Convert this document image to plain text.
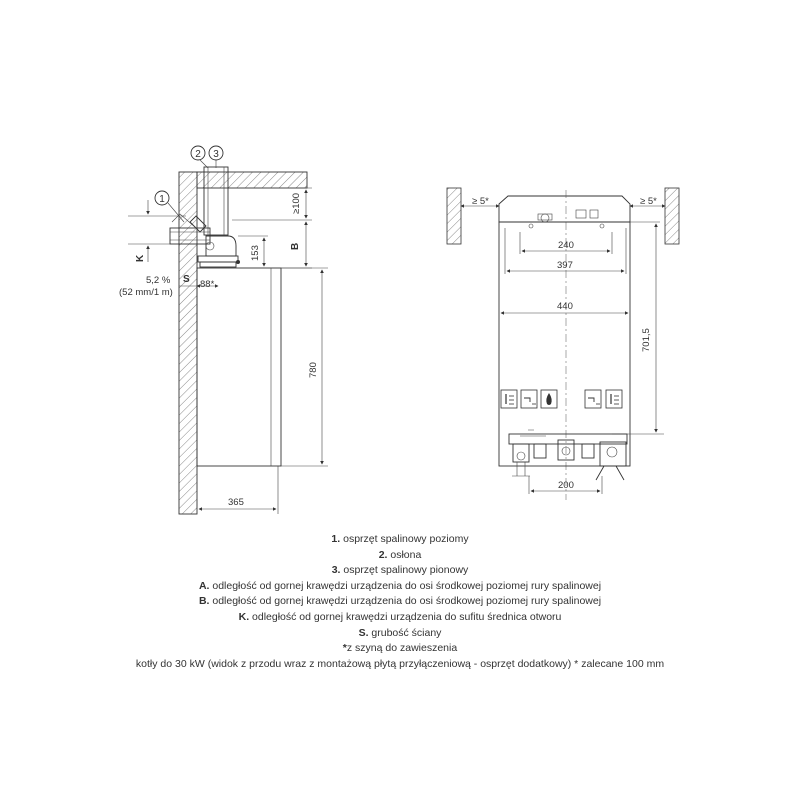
1
2 3
K
5,2 %
(52 mm/1 m)
S 88*
≥100
153	B
780
365
≥ 5*	≥ 5*
240
397
440
701,5
200
1. osprzęt spalinowy poziomy
2. osłona
3. osprzęt spalinowy pionowy
A. odległość od gornej krawędzi urządzenia do osi środkowej poziomej rury spalinowej
B. odległość od gornej krawędzi urządzenia do osi środkowej poziomej rury spalinowej
K. odległość od gornej krawędzi urządzenia do sufitu średnica otworu
S. grubość ściany
*z szyną do zawieszenia
kotły do 30 kW (widok z przodu wraz z montażową płytą przyłączeniową - osprzęt dodatkowy) * zalecane 100 mm
